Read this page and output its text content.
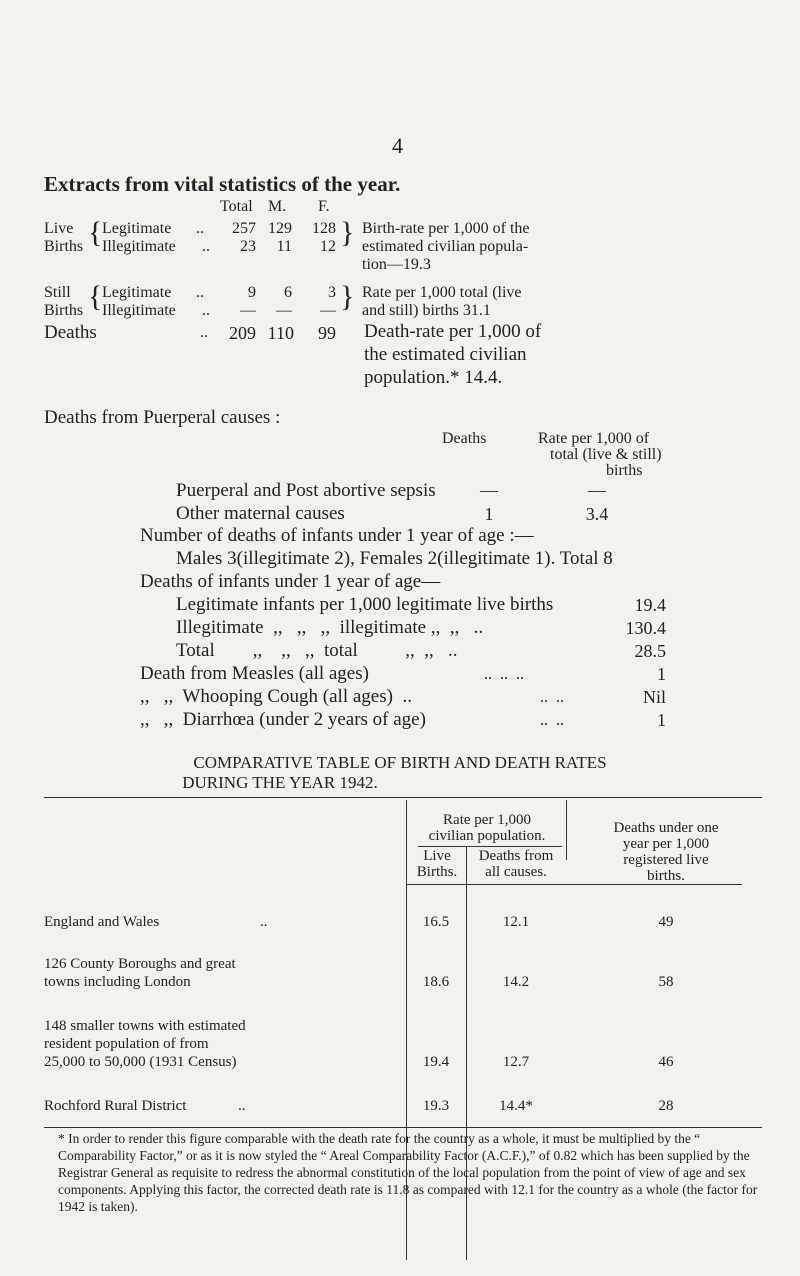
4
Extracts from vital statistics of the year.
Total M. F.
Live
Births { Legitimate ..	257 129 128
Illegitimate ..	23	11	12 } Birth-rate per 1,000 of the
estimated civilian popula-
tion—19.3
Still
Births { Legitimate ..	9	6	3
Illegitimate ..	—	—	— } Rate per 1,000 total (live
and still) births 31.1
Deaths	..	209 110	99 Death-rate per 1,000 of
the estimated civilian
population.* 14.4.
Deaths from Puerperal causes :
Deaths	Rate per 1,000 of
total (live & still)
births
Puerperal and Post abortive sepsis	—	—
Other maternal causes	1	3.4
Number of deaths of infants under 1 year of age :—
Males 3(illegitimate 2), Females 2(illegitimate 1). Total 8
Deaths of infants under 1 year of age—
Legitimate infants per 1,000 legitimate live births	19.4
Illegitimate  ,,   ,,   ,,  illegitimate ,,  ,,   ..	130.4
Total        ,,    ,,   ,,  total          ,,  ,,   ..	28.5
Death from Measles (all ages)	..  ..  ..	1
,,   ,,  Whooping Cough (all ages)  ..	..  ..	Nil
,,   ,,  Diarrhœa (under 2 years of age)	..  ..	1
COMPARATIVE TABLE OF BIRTH AND DEATH RATES
DURING THE YEAR 1942.
Rate per 1,000
civilian population.
Live
Births.
Deaths from
all causes.
Deaths under one
year per 1,000
registered live
births.
England and Wales	..	16.5	12.1	49
126 County Boroughs and great
towns including London	18.6	14.2	58
148 smaller towns with estimated
resident population of from
25,000 to 50,000 (1931 Census)	19.4	12.7	46
Rochford Rural District	..	19.3	14.4*	28
* In order to render this figure comparable with the death rate for the country as a whole, it must be multiplied by the “ Comparability Factor,” or as it is now styled the “ Areal Comparability Factor (A.C.F.),” of 0.82 which has been supplied by the Registrar General as requisite to redress the abnormal constitution of the local population from the point of view of age and sex components. Applying this factor, the corrected death rate is 11.8 as compared with 12.1 for the country as a whole (the factor for 1942 is taken).
